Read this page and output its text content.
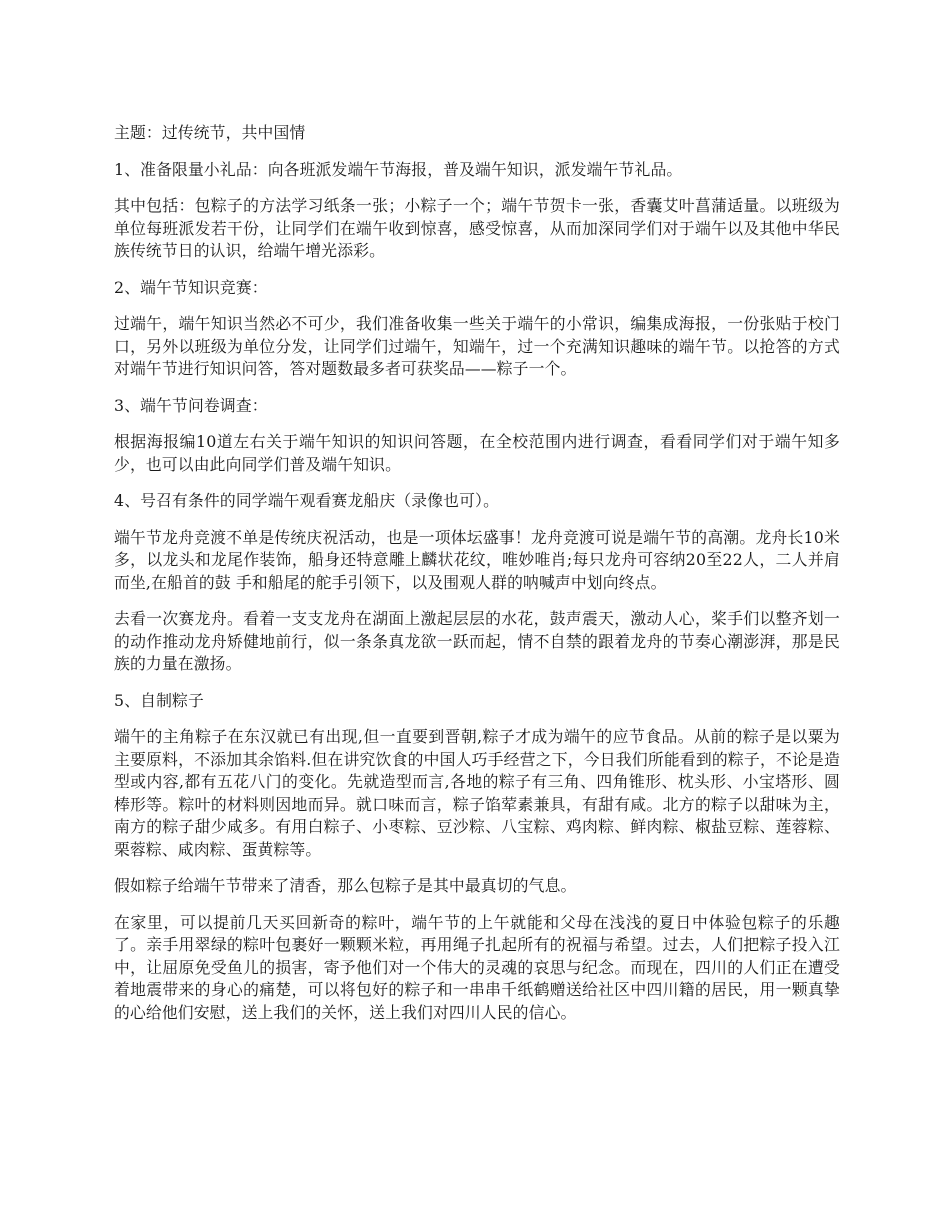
主题：过传统节，共中国情

1、准备限量小礼品：向各班派发端午节海报，普及端午知识，派发端午节礼品。

其中包括：包粽子的方法学习纸条一张；小粽子一个；端午节贺卡一张，香囊艾叶菖蒲适量。以班级为单位每班派发若干份，让同学们在端午收到惊喜，感受惊喜，从而加深同学们对于端午以及其他中华民族传统节日的认识，给端午增光添彩。

2、端午节知识竞赛：

过端午，端午知识当然必不可少，我们准备收集一些关于端午的小常识，编集成海报，一份张贴于校门口，另外以班级为单位分发，让同学们过端午，知端午，过一个充满知识趣味的端午节。以抢答的方式对端午节进行知识问答，答对题数最多者可获奖品——粽子一个。

3、端午节问卷调查：

根据海报编10道左右关于端午知识的知识问答题，在全校范围内进行调查，看看同学们对于端午知多少，也可以由此向同学们普及端午知识。

4、号召有条件的同学端午观看赛龙船庆（录像也可）。

端午节龙舟竞渡不单是传统庆祝活动，也是一项体坛盛事！龙舟竞渡可说是端午节的高潮。龙舟长10米多，以龙头和龙尾作装饰，船身还特意雕上麟状花纹，唯妙唯肖;每只龙舟可容纳20至22人，二人并肩而坐,在船首的鼓 手和船尾的舵手引领下，以及围观人群的呐喊声中划向终点。

去看一次赛龙舟。看着一支支龙舟在湖面上激起层层的水花，鼓声震天，激动人心，桨手们以整齐划一的动作推动龙舟矫健地前行，似一条条真龙欲一跃而起，情不自禁的跟着龙舟的节奏心潮澎湃，那是民族的力量在激扬。

5、自制粽子

端午的主角粽子在东汉就已有出现,但一直要到晋朝,粽子才成为端午的应节食品。从前的粽子是以粟为主要原料，不添加其余馅料.但在讲究饮食的中国人巧手经营之下，今日我们所能看到的粽子，不论是造型或内容,都有五花八门的变化。先就造型而言,各地的粽子有三角、四角锥形、枕头形、小宝塔形、圆棒形等。粽叶的材料则因地而异。就口味而言，粽子馅荤素兼具，有甜有咸。北方的粽子以甜味为主，南方的粽子甜少咸多。有用白粽子、小枣粽、豆沙粽、八宝粽、鸡肉粽、鲜肉粽、椒盐豆粽、莲蓉粽、栗蓉粽、咸肉粽、蛋黄粽等。

假如粽子给端午节带来了清香，那么包粽子是其中最真切的气息。

在家里，可以提前几天买回新奇的粽叶，端午节的上午就能和父母在浅浅的夏日中体验包粽子的乐趣了。亲手用翠绿的粽叶包裹好一颗颗米粒，再用绳子扎起所有的祝福与希望。过去，人们把粽子投入江中，让屈原免受鱼儿的损害，寄予他们对一个伟大的灵魂的哀思与纪念。而现在，四川的人们正在遭受着地震带来的身心的痛楚，可以将包好的粽子和一串串千纸鹤赠送给社区中四川籍的居民，用一颗真挚的心给他们安慰，送上我们的关怀，送上我们对四川人民的信心。
